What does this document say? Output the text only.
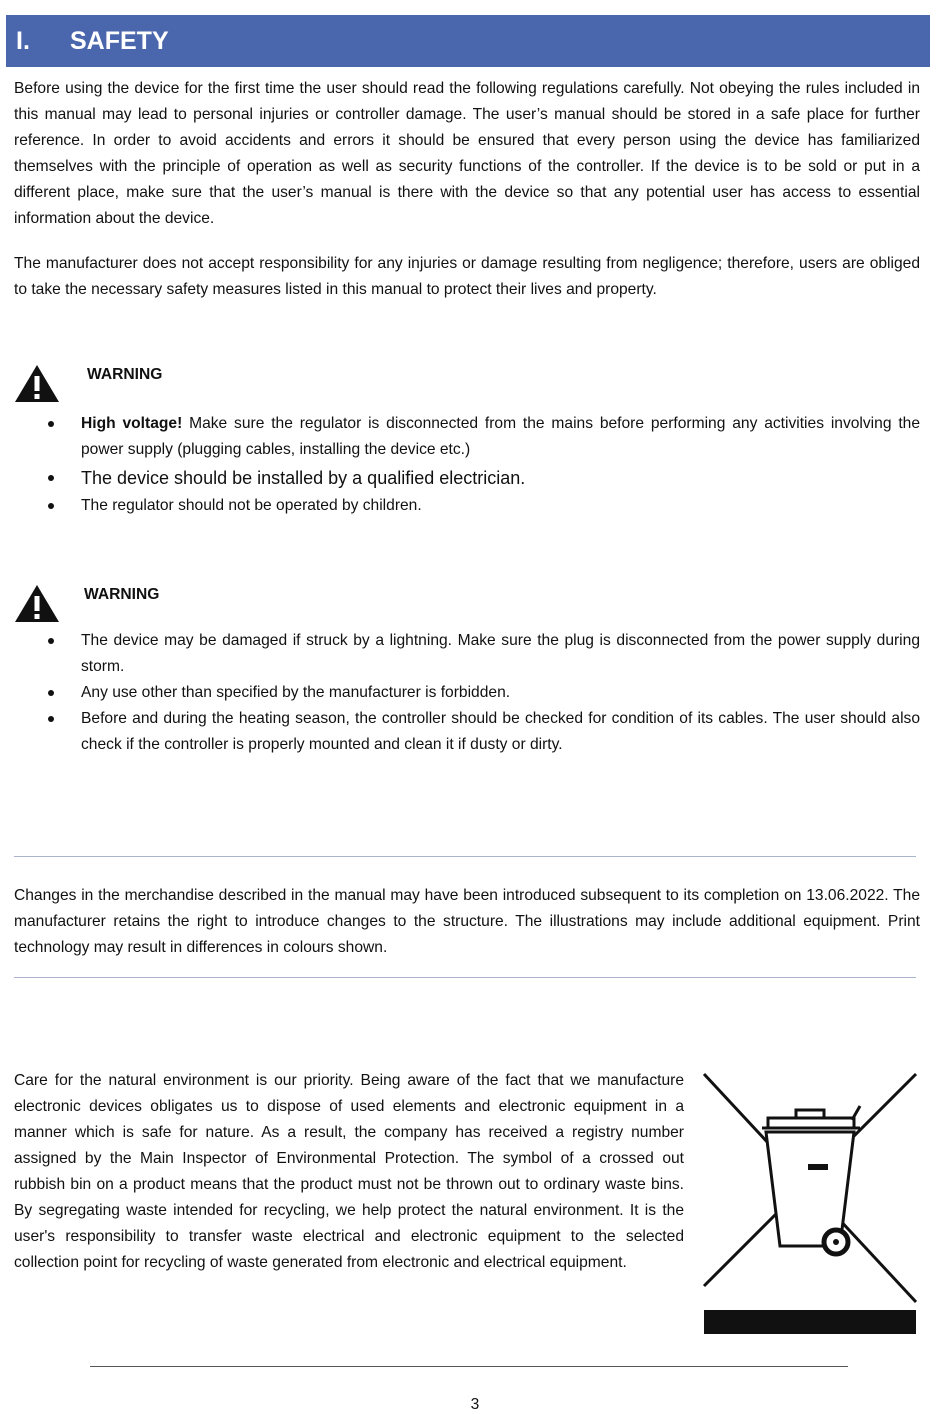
I.	SAFETY

Before using the device for the first time the user should read the following regulations carefully. Not obeying the rules included in this manual may lead to personal injuries or controller damage. The user’s manual should be stored in a safe place for further reference. In order to avoid accidents and errors it should be ensured that every person using the device has familiarized themselves with the principle of operation as well as security functions of the controller. If the device is to be sold or put in a different place, make sure that the user’s manual is there with the device so that any potential user has access to essential information about the device.

The manufacturer does not accept responsibility for any injuries or damage resulting from negligence; therefore, users are obliged to take the necessary safety measures listed in this manual to protect their lives and property.

WARNING
High voltage! Make sure the regulator is disconnected from the mains before performing any activities involving the power supply (plugging cables, installing the device etc.)
The device should be installed by a qualified electrician.
The regulator should not be operated by children.
WARNING
The device may be damaged if struck by a lightning. Make sure the plug is disconnected from the power supply during storm.
Any use other than specified by the manufacturer is forbidden.
Before and during the heating season, the controller should be checked for condition of its cables. The user should also check if the controller is properly mounted and clean it if dusty or dirty.

Changes in the merchandise described in the manual may have been introduced subsequent to its completion on 13.06.2022. The manufacturer retains the right to introduce changes to the structure. The illustrations may include additional equipment. Print technology may result in differences in colours shown.

Care for the natural environment is our priority. Being aware of the fact that we manufacture electronic devices obligates us to dispose of used elements and electronic equipment in a manner which is safe for nature. As a result, the company has received a registry number assigned by the Main Inspector of Environmental Protection. The symbol of a crossed out rubbish bin on a product means that the product must not be thrown out to ordinary waste bins. By segregating waste intended for recycling, we help protect the natural environment. It is the user's responsibility to transfer waste electrical and electronic equipment to the selected collection point for recycling of waste generated from electronic and electrical equipment.

3
